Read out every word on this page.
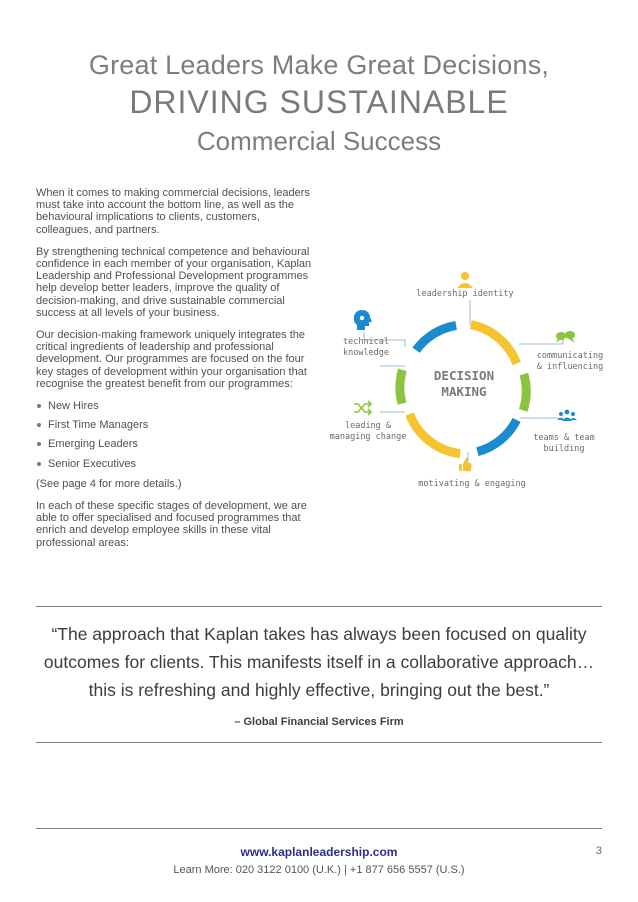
Great Leaders Make Great Decisions,
DRIVING SUSTAINABLE
Commercial Success

When it comes to making commercial decisions, leaders must take into account the bottom line, as well as the behavioural implications to clients, customers, colleagues, and partners.

By strengthening technical competence and behavioural confidence in each member of your organisation, Kaplan Leadership and Professional Development programmes help develop better leaders, improve the quality of decision-making, and drive sustainable commercial success at all levels of your business.

Our decision-making framework uniquely integrates the critical ingredients of leadership and professional development. Our programmes are focused on the four key stages of development within your organisation that recognise the greatest benefit from our programmes:

New Hires
First Time Managers
Emerging Leaders
Senior Executives

(See page 4 for more details.)

In each of these specific stages of development, we are able to offer specialised and focused programmes that enrich and develop employee skills in these vital professional areas:

DECISION
MAKING
leadership identity
communicating
& influencing
teams & team
building
motivating & engaging
leading &
managing change
technical
knowledge
“The approach that Kaplan takes has always been focused on quality outcomes for clients. This manifests itself in a collaborative approach… this is refreshing and highly effective, bringing out the best.”
– Global Financial Services Firm
www.kaplanleadership.com
Learn More: 020 3122 0100 (U.K.) | +1 877 656 5557 (U.S.)
3
